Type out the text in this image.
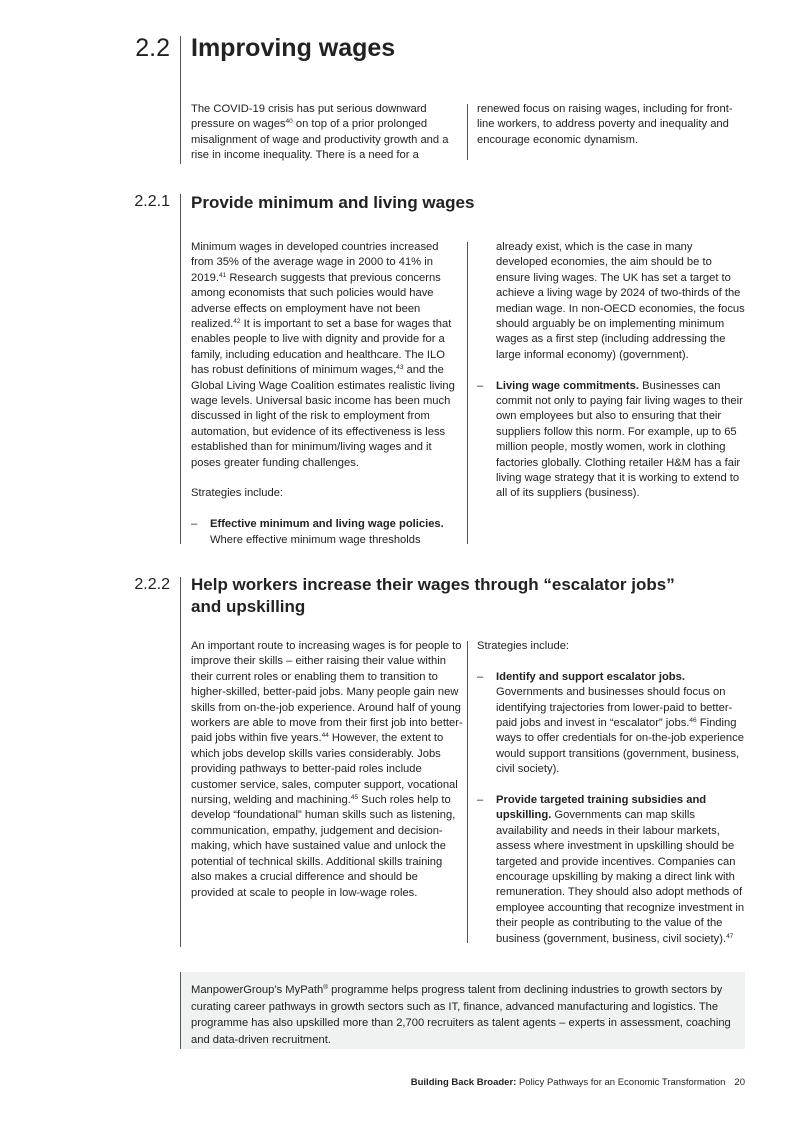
2.2 Improving wages

The COVID-19 crisis has put serious downward pressure on wages$^{40}$ on top of a prior prolonged misalignment of wage and productivity growth and a rise in income inequality. There is a need for a

renewed focus on raising wages, including for front-line workers, to address poverty and inequality and encourage economic dynamism.

2.2.1 Provide minimum and living wages

Minimum wages in developed countries increased from 35% of the average wage in 2000 to 41% in 2019.41 Research suggests that previous concerns among economists that such policies would have adverse effects on employment have not been realized.$^{42}$ It is important to set a base for wages that enables people to live with dignity and provide for a family, including education and healthcare. The ILO has robust definitions of minimum wages,$^{43}$ and the Global Living Wage Coalition estimates realistic living wage levels. Universal basic income has been much discussed in light of the risk to employment from automation, but evidence of its effectiveness is less established than for minimum/living wages and it poses greater funding challenges.

Strategies include:

– Effective minimum and living wage policies. Where effective minimum wage thresholds
already exist, which is the case in many developed economies, the aim should be to ensure living wages. The UK has set a target to achieve a living wage by 2024 of two-thirds of the median wage. In non-OECD economies, the focus should arguably be on implementing minimum wages as a first step (including addressing the large informal economy) (government).
– Living wage commitments. Businesses can commit not only to paying fair living wages to their own employees but also to ensuring that their suppliers follow this norm. For example, up to 65 million people, mostly women, work in clothing factories globally. Clothing retailer H&M has a fair living wage strategy that it is working to extend to all of its suppliers (business).
2.2.2 Help workers increase their wages through “escalator jobs”
and upskilling

An important route to increasing wages is for people to improve their skills – either raising their value within their current roles or enabling them to transition to higher-skilled, better-paid jobs. Many people gain new skills from on-the-job experience. Around half of young workers are able to move from their first job into better-paid jobs within five years.$^{44}$ However, the extent to which jobs develop skills varies considerably. Jobs providing pathways to better-paid roles include customer service, sales, computer support, vocational nursing, welding and machining.$^{45}$ Such roles help to develop “foundational” human skills such as listening, communication, empathy, judgement and decision-making, which have sustained value and unlock the potential of technical skills. Additional skills training also makes a crucial difference and should be provided at scale to people in low-wage roles.

Strategies include:

– Identify and support escalator jobs. Governments and businesses should focus on identifying trajectories from lower-paid to better-paid jobs and invest in “escalator” jobs.$^{46}$ Finding ways to offer credentials for on-the-job experience would support transitions (government, business, civil society).
– Provide targeted training subsidies and upskilling. Governments can map skills availability and needs in their labour markets, assess where investment in upskilling should be targeted and provide incentives. Companies can encourage upskilling by making a direct link with remuneration. They should also adopt methods of employee accounting that recognize investment in their people as contributing to the value of the business (government, business, civil society).$^{47}$
ManpowerGroup’s MyPath® programme helps progress talent from declining industries to growth sectors by curating career pathways in growth sectors such as IT, finance, advanced manufacturing and logistics. The programme has also upskilled more than 2,700 recruiters as talent agents – experts in assessment, coaching and data-driven recruitment.
Building Back Broader: Policy Pathways for an Economic Transformation 20
